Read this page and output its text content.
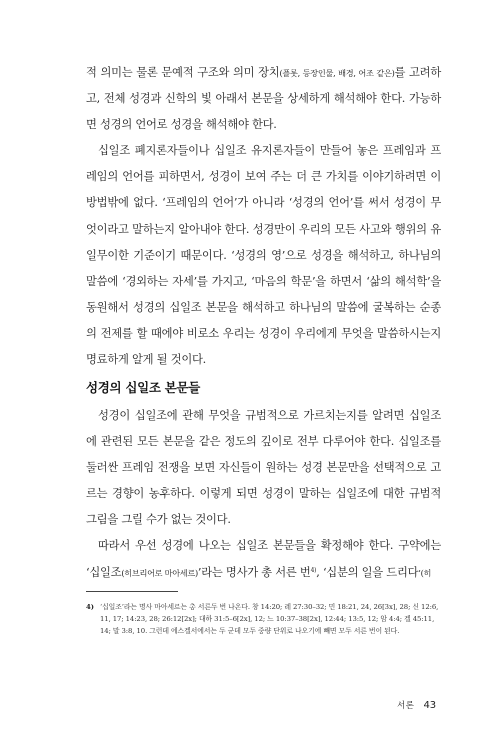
적 의미는 물론 문예적 구조와 의미 장치(플롯, 등장인물, 배경, 어조 같은)를 고려하고, 전체 성경과 신학의 빛 아래서 본문을 상세하게 해석해야 한다. 가능하면 성경의 언어로 성경을 해석해야 한다.

십일조 폐지론자들이나 십일조 유지론자들이 만들어 놓은 프레임과 프레임의 언어를 피하면서, 성경이 보여 주는 더 큰 가치를 이야기하려면 이 방법밖에 없다. ‘프레임의 언어’가 아니라 ‘성경의 언어’를 써서 성경이 무엇이라고 말하는지 알아내야 한다. 성경만이 우리의 모든 사고와 행위의 유일무이한 기준이기 때문이다. ‘성경의 영’으로 성경을 해석하고, 하나님의 말씀에 ‘경외하는 자세’를 가지고, ‘마음의 학문’을 하면서 ‘삶의 해석학’을 동원해서 성경의 십일조 본문을 해석하고 하나님의 말씀에 굴복하는 순종의 전제를 할 때에야 비로소 우리는 성경이 우리에게 무엇을 말씀하시는지 명료하게 알게 될 것이다.

성경의 십일조 본문들

성경이 십일조에 관해 무엇을 규범적으로 가르치는지를 알려면 십일조에 관련된 모든 본문을 같은 정도의 깊이로 전부 다루어야 한다. 십일조를 둘러싼 프레임 전쟁을 보면 자신들이 원하는 성경 본문만을 선택적으로 고르는 경향이 농후하다. 이렇게 되면 성경이 말하는 십일조에 대한 규범적 그림을 그릴 수가 없는 것이다.

따라서 우선 성경에 나오는 십일조 본문들을 확정해야 한다. 구약에는 ‘십일조(히브리어로 마아세르)’라는 명사가 총 서른 번$^{4)}$, ‘십분의 일을 드리다’(히

4) ‘십일조’라는 명사 마아세르는 총 서른두 번 나온다. 창 14:20; 레 27:30–32; 민 18:21, 24, 26[3x], 28; 신 12:6, 11, 17; 14:23, 28; 26:12[2x]; 대하 31:5–6[2x], 12; 느 10:37–38[2x], 12:44; 13:5, 12; 암 4:4; 겔 45:11, 14; 말 3:8, 10. 그런데 에스겔서에서는 두 군데 모두 중량 단위로 나오기에 빼면 모두 서른 번이 된다.
서론 43
